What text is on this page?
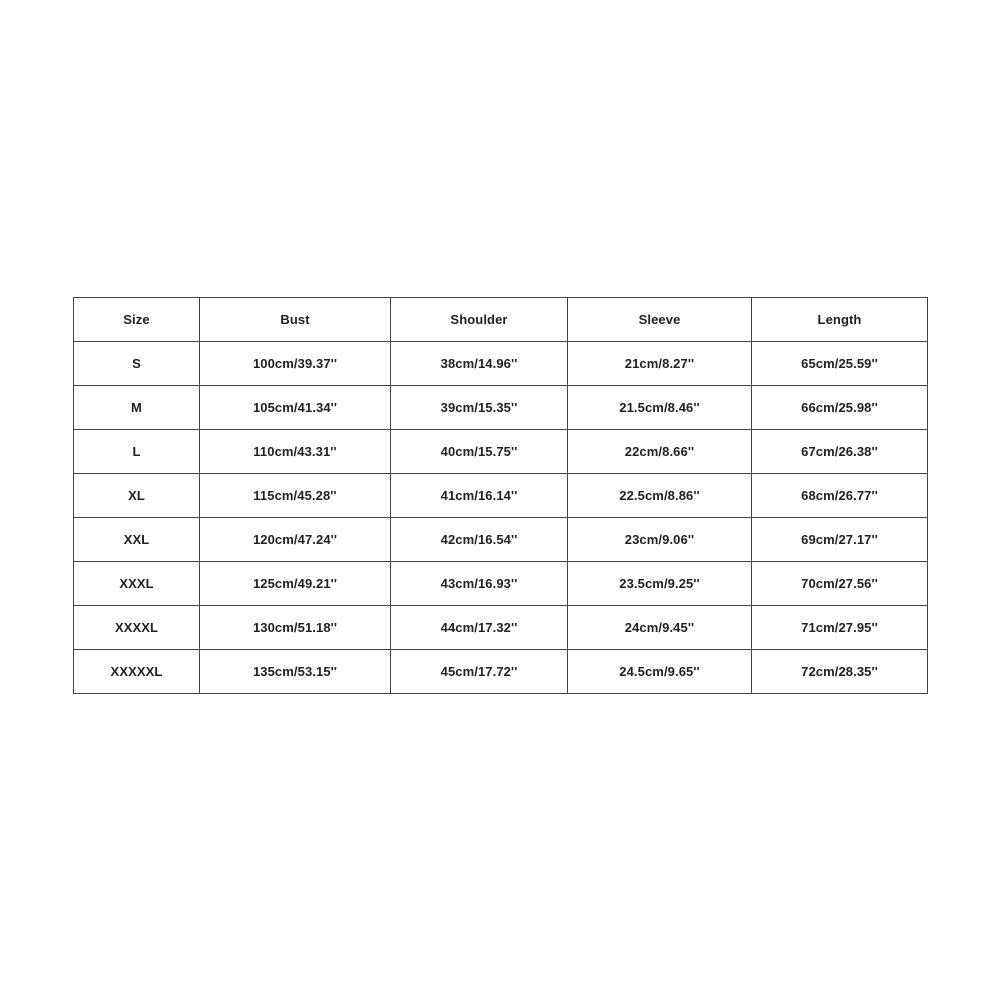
Size	Bust	Shoulder	Sleeve	Length
S	100cm/39.37''	38cm/14.96''	21cm/8.27''	65cm/25.59''
M	105cm/41.34''	39cm/15.35''	21.5cm/8.46''	66cm/25.98''
L	110cm/43.31''	40cm/15.75''	22cm/8.66''	67cm/26.38''
XL	115cm/45.28''	41cm/16.14''	22.5cm/8.86''	68cm/26.77''
XXL	120cm/47.24''	42cm/16.54''	23cm/9.06''	69cm/27.17''
XXXL	125cm/49.21''	43cm/16.93''	23.5cm/9.25''	70cm/27.56''
XXXXL	130cm/51.18''	44cm/17.32''	24cm/9.45''	71cm/27.95''
XXXXXL	135cm/53.15''	45cm/17.72''	24.5cm/9.65''	72cm/28.35''
